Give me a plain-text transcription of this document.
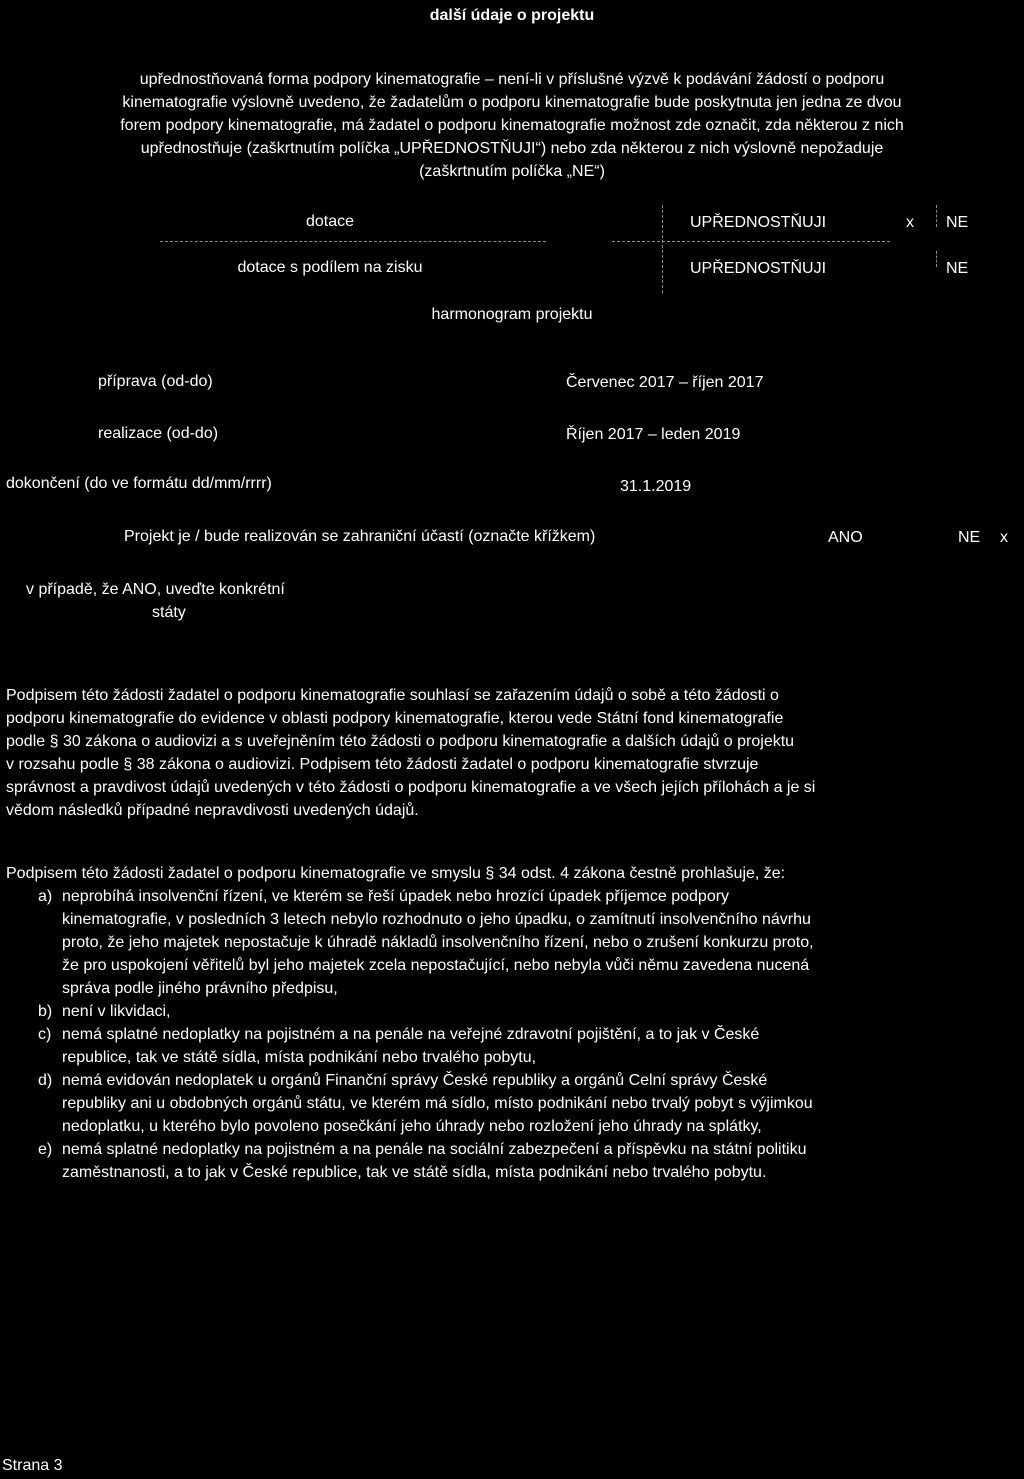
další údaje o projektu
upřednostňovaná forma podpory kinematografie – není-li v příslušné výzvě k podávání žádostí o podporu
kinematografie výslovně uvedeno, že žadatelům o podporu kinematografie bude poskytnuta jen jedna ze dvou
forem podpory kinematografie, má žadatel o podporu kinematografie možnost zde označit, zda některou z nich
upřednostňuje (zaškrtnutím políčka „UPŘEDNOSTŇUJI“) nebo zda některou z nich výslovně nepožaduje
(zaškrtnutím políčka „NE“)
dotace	UPŘEDNOSTŇUJI	x NE
dotace s podílem na zisku	UPŘEDNOSTŇUJI	NE
harmonogram projektu
příprava (od-do)	Červenec 2017 – říjen 2017
realizace (od-do)	Říjen 2017 – leden 2019
dokončení (do ve formátu dd/mm/rrrr)	31.1.2019
Projekt je / bude realizován se zahraniční účastí (označte křížkem)	ANO	NE x
v případě, že ANO, uveďte konkrétní
státy
Podpisem této žádosti žadatel o podporu kinematografie souhlasí se zařazením údajů o sobě a této žádosti o
podporu kinematografie do evidence v oblasti podpory kinematografie, kterou vede Státní fond kinematografie
podle § 30 zákona o audiovizi a s uveřejněním této žádosti o podporu kinematografie a dalších údajů o projektu
v rozsahu podle § 38 zákona o audiovizi. Podpisem této žádosti žadatel o podporu kinematografie stvrzuje
správnost a pravdivost údajů uvedených v této žádosti o podporu kinematografie a ve všech jejích přílohách a je si
vědom následků případné nepravdivosti uvedených údajů.
Podpisem této žádosti žadatel o podporu kinematografie ve smyslu § 34 odst. 4 zákona čestně prohlašuje, že:
a) neprobíhá insolvenční řízení, ve kterém se řeší úpadek nebo hrozící úpadek příjemce podpory
kinematografie, v posledních 3 letech nebylo rozhodnuto o jeho úpadku, o zamítnutí insolvenčního návrhu
proto, že jeho majetek nepostačuje k úhradě nákladů insolvenčního řízení, nebo o zrušení konkurzu proto,
že pro uspokojení věřitelů byl jeho majetek zcela nepostačující, nebo nebyla vůči němu zavedena nucená
správa podle jiného právního předpisu,
b) není v likvidaci,
c) nemá splatné nedoplatky na pojistném a na penále na veřejné zdravotní pojištění, a to jak v České
republice, tak ve státě sídla, místa podnikání nebo trvalého pobytu,
d) nemá evidován nedoplatek u orgánů Finanční správy České republiky a orgánů Celní správy České
republiky ani u obdobných orgánů státu, ve kterém má sídlo, místo podnikání nebo trvalý pobyt s výjimkou
nedoplatku, u kterého bylo povoleno posečkání jeho úhrady nebo rozložení jeho úhrady na splátky,
e) nemá splatné nedoplatky na pojistném a na penále na sociální zabezpečení a příspěvku na státní politiku
zaměstnanosti, a to jak v České republice, tak ve státě sídla, místa podnikání nebo trvalého pobytu.
Strana 3
